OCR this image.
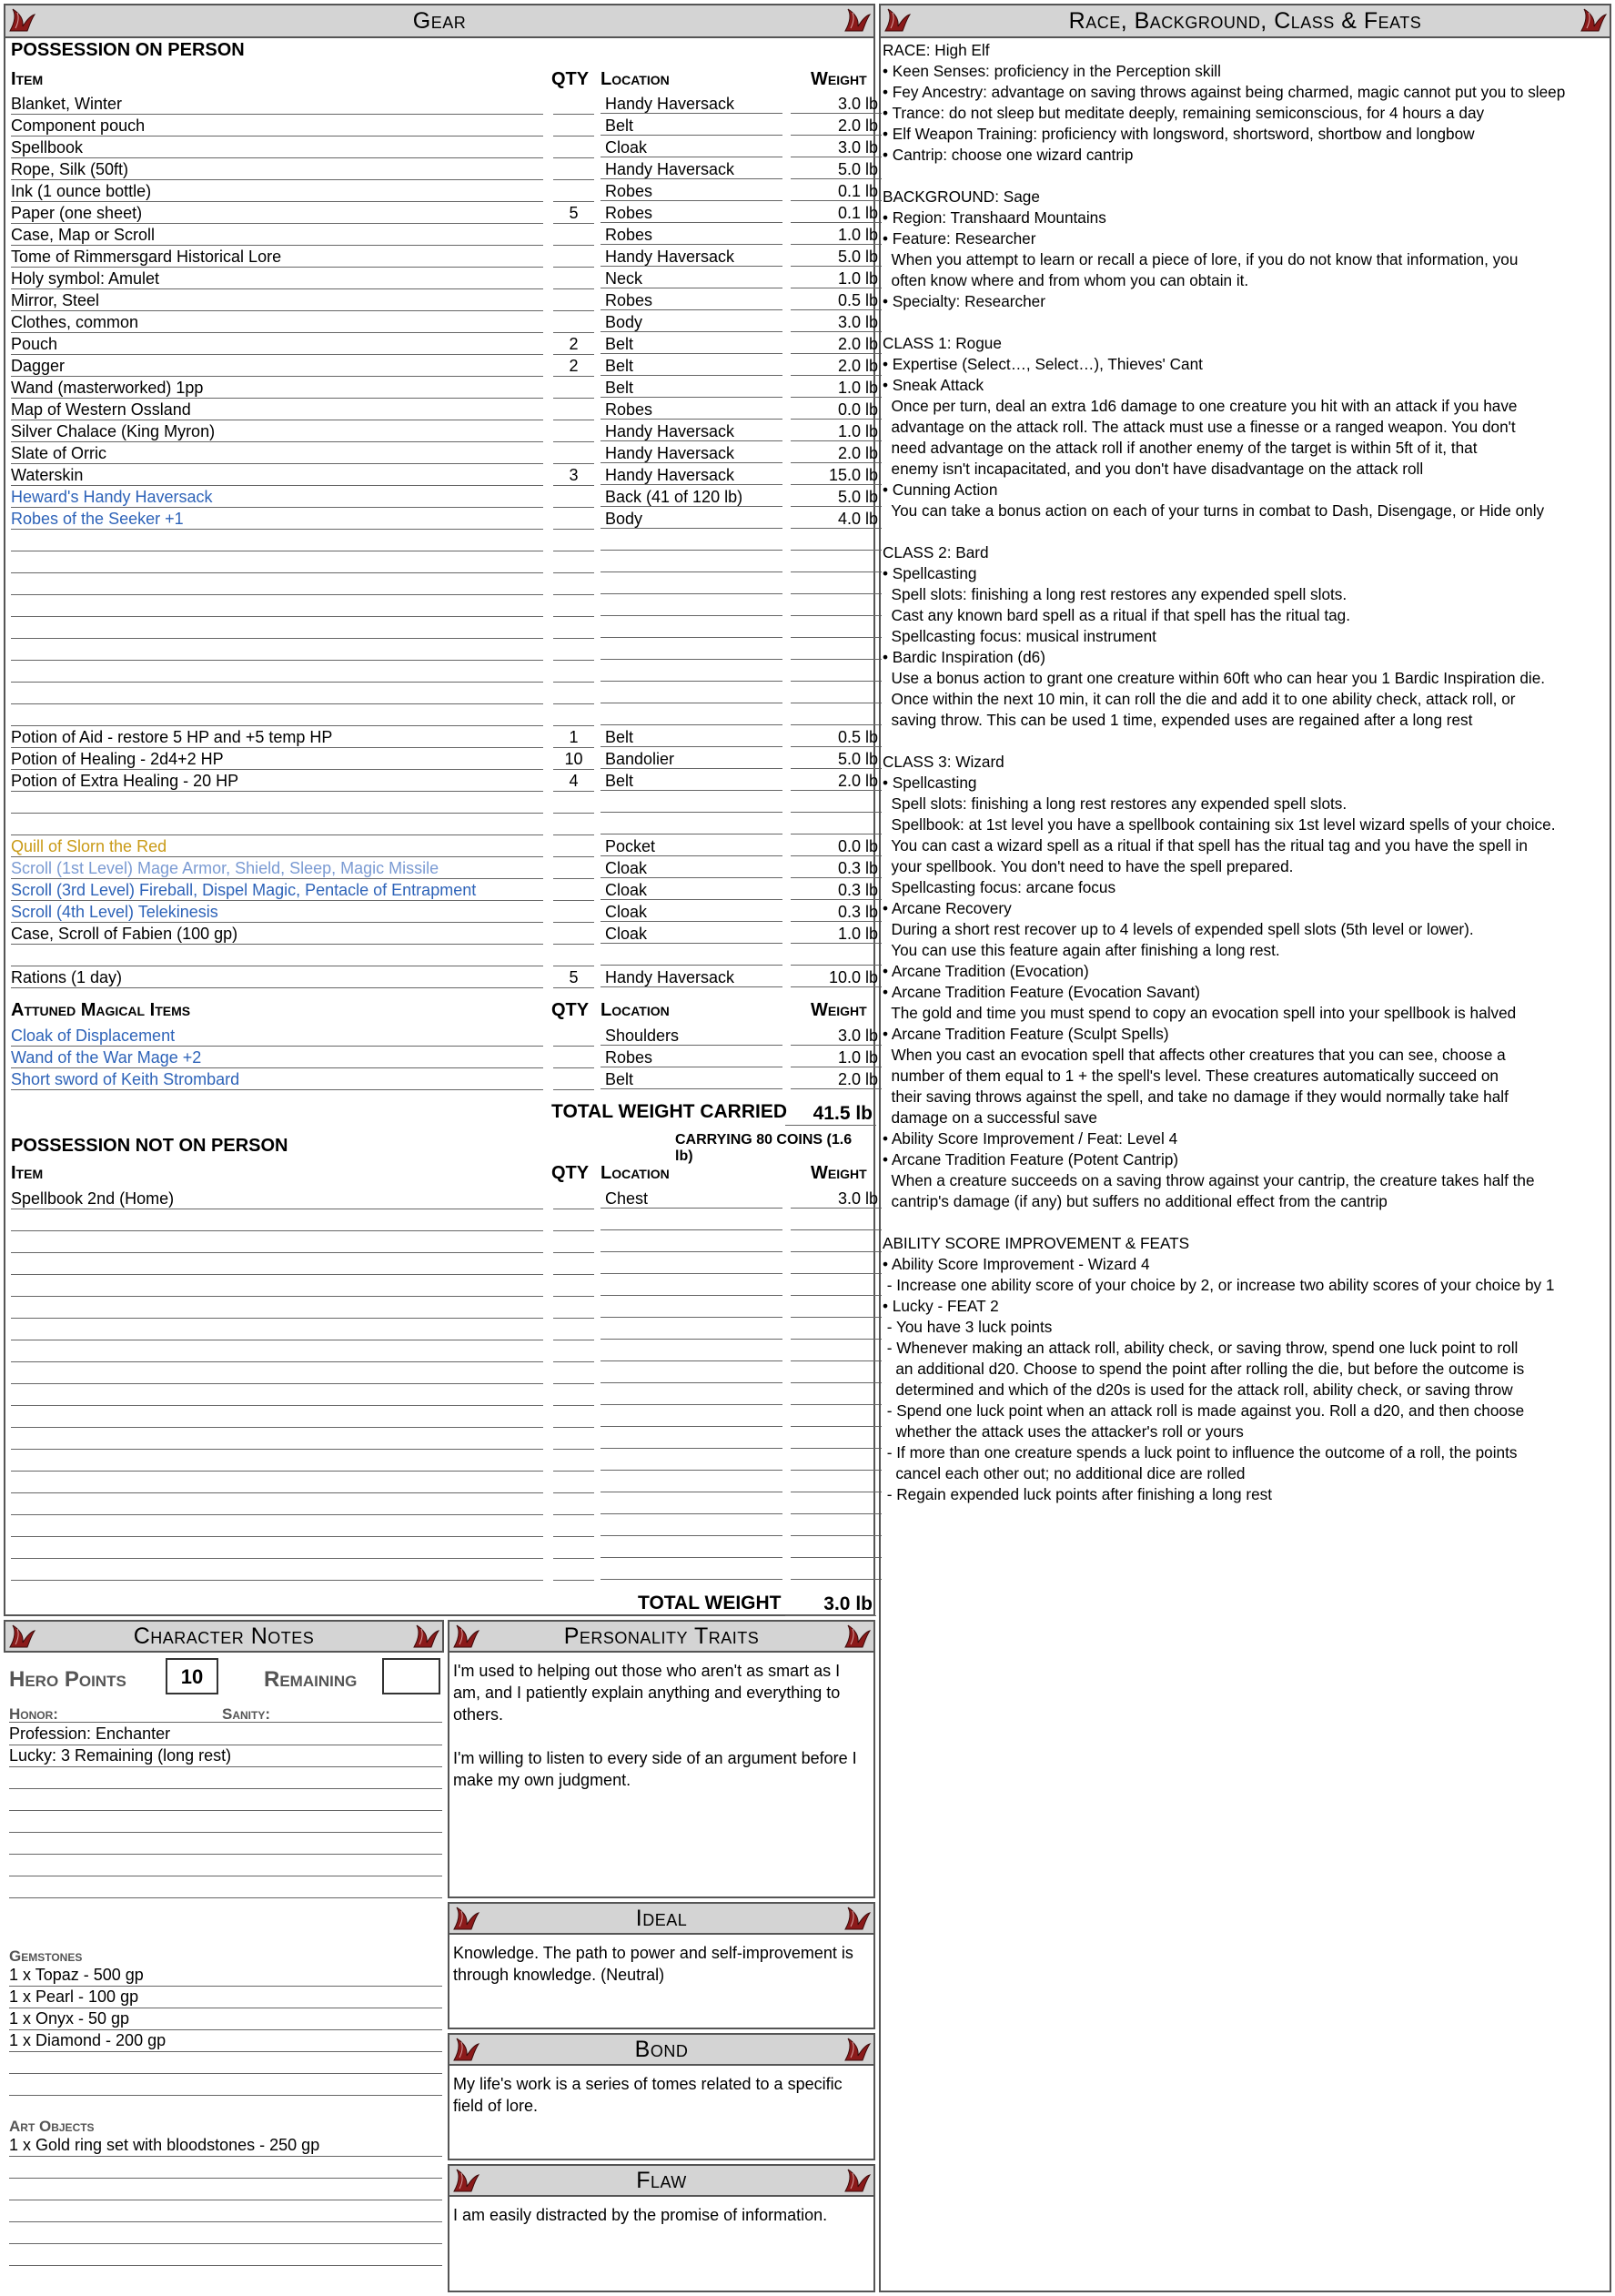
Gear
POSSESSION ON PERSON
Item	QTY Location	Weight
Blanket, Winter	Handy Haversack	3.0 lb
Component pouch	Belt	2.0 lb
Spellbook	Cloak	3.0 lb
Rope, Silk (50ft)	Handy Haversack	5.0 lb
Ink (1 ounce bottle)	Robes	0.1 lb
Paper (one sheet)	5	Robes	0.1 lb
Case, Map or Scroll	Robes	1.0 lb
Tome of Rimmersgard Historical Lore	Handy Haversack	5.0 lb
Holy symbol: Amulet	Neck	1.0 lb
Mirror, Steel	Robes	0.5 lb
Clothes, common	Body	3.0 lb
Pouch	2	Belt	2.0 lb
Dagger	2	Belt	2.0 lb
Wand (masterworked) 1pp	Belt	1.0 lb
Map of Western Ossland	Robes	0.0 lb
Silver Chalace (King Myron)	Handy Haversack	1.0 lb
Slate of Orric	Handy Haversack	2.0 lb
Waterskin	3	Handy Haversack	15.0 lb
Heward's Handy Haversack	Back (41 of 120 lb)	5.0 lb
Robes of the Seeker +1	Body	4.0 lb
Potion of Aid - restore 5 HP and +5 temp HP	1	Belt	0.5 lb
Potion of Healing - 2d4+2 HP	10	Bandolier	5.0 lb
Potion of Extra Healing - 20 HP	4	Belt	2.0 lb
Quill of Slorn the Red	Pocket	0.0 lb
Scroll (1st Level) Mage Armor, Shield, Sleep, Magic Missile	Cloak	0.3 lb
Scroll (3rd Level) Fireball, Dispel Magic, Pentacle of Entrapment	Cloak	0.3 lb
Scroll (4th Level) Telekinesis	Cloak	0.3 lb
Case, Scroll of Fabien (100 gp)	Cloak	1.0 lb
Rations (1 day)	5	Handy Haversack	10.0 lb
Attuned Magical Items	QTY Location	Weight
Cloak of Displacement	Shoulders	3.0 lb
Wand of the War Mage +2	Robes	1.0 lb
Short sword of Keith Strombard	Belt	2.0 lb
TOTAL WEIGHT CARRIED	41.5 lb
CARRYING 80 COINS (1.6 lb)
POSSESSION NOT ON PERSON
Item	QTY Location	Weight
Spellbook 2nd (Home)	Chest	3.0 lb
TOTAL WEIGHT	3.0 lb
Race, Background, Class & Feats
RACE: High Elf
• Keen Senses: proficiency in the Perception skill
• Fey Ancestry: advantage on saving throws against being charmed, magic cannot put you to sleep
• Trance: do not sleep but meditate deeply, remaining semiconscious, for 4 hours a day
• Elf Weapon Training: proficiency with longsword, shortsword, shortbow and longbow
• Cantrip: choose one wizard cantrip
BACKGROUND: Sage
• Region: Transhaard Mountains
• Feature: Researcher
When you attempt to learn or recall a piece of lore, if you do not know that information, you
often know where and from whom you can obtain it.
• Specialty: Researcher
CLASS 1: Rogue
• Expertise (Select…, Select…), Thieves' Cant
• Sneak Attack
Once per turn, deal an extra 1d6 damage to one creature you hit with an attack if you have
advantage on the attack roll. The attack must use a finesse or a ranged weapon. You don't
need advantage on the attack roll if another enemy of the target is within 5ft of it, that
enemy isn't incapacitated, and you don't have disadvantage on the attack roll
• Cunning Action
You can take a bonus action on each of your turns in combat to Dash, Disengage, or Hide only
CLASS 2: Bard
• Spellcasting
Spell slots: finishing a long rest restores any expended spell slots.
Cast any known bard spell as a ritual if that spell has the ritual tag.
Spellcasting focus: musical instrument
• Bardic Inspiration (d6)
Use a bonus action to grant one creature within 60ft who can hear you 1 Bardic Inspiration die.
Once within the next 10 min, it can roll the die and add it to one ability check, attack roll, or
saving throw. This can be used 1 time, expended uses are regained after a long rest
CLASS 3: Wizard
• Spellcasting
Spell slots: finishing a long rest restores any expended spell slots.
Spellbook: at 1st level you have a spellbook containing six 1st level wizard spells of your choice.
You can cast a wizard spell as a ritual if that spell has the ritual tag and you have the spell in
your spellbook. You don't need to have the spell prepared.
Spellcasting focus: arcane focus
• Arcane Recovery
During a short rest recover up to 4 levels of expended spell slots (5th level or lower).
You can use this feature again after finishing a long rest.
• Arcane Tradition (Evocation)
• Arcane Tradition Feature (Evocation Savant)
The gold and time you must spend to copy an evocation spell into your spellbook is halved
• Arcane Tradition Feature (Sculpt Spells)
When you cast an evocation spell that affects other creatures that you can see, choose a
number of them equal to 1 + the spell's level. These creatures automatically succeed on
their saving throws against the spell, and take no damage if they would normally take half
damage on a successful save
• Ability Score Improvement / Feat: Level 4
• Arcane Tradition Feature (Potent Cantrip)
When a creature succeeds on a saving throw against your cantrip, the creature takes half the
cantrip's damage (if any) but suffers no additional effect from the cantrip
ABILITY SCORE IMPROVEMENT & FEATS
• Ability Score Improvement - Wizard 4
- Increase one ability score of your choice by 2, or increase two ability scores of your choice by 1
• Lucky - FEAT 2
- You have 3 luck points
- Whenever making an attack roll, ability check, or saving throw, spend one luck point to roll
an additional d20. Choose to spend the point after rolling the die, but before the outcome is
determined and which of the d20s is used for the attack roll, ability check, or saving throw
- Spend one luck point when an attack roll is made against you. Roll a d20, and then choose
whether the attack uses the attacker's roll or yours
- If more than one creature spends a luck point to influence the outcome of a roll, the points
cancel each other out; no additional dice are rolled
- Regain expended luck points after finishing a long rest
Character Notes
Hero Points	10	Remaining
Honor:	Sanity:
Profession: Enchanter
Lucky: 3 Remaining (long rest)
Gemstones
1 x Topaz - 500 gp
1 x Pearl - 100 gp
1 x Onyx - 50 gp
1 x Diamond - 200 gp
Art Objects
1 x Gold ring set with bloodstones - 250 gp
Personality Traits
I'm used to helping out those who aren't as smart as I am, and I patiently explain anything and everything to others.
I'm willing to listen to every side of an argument before I make my own judgment.
Ideal
Knowledge. The path to power and self-improvement is through knowledge. (Neutral)
Bond
My life's work is a series of tomes related to a specific field of lore.
Flaw
I am easily distracted by the promise of information.
